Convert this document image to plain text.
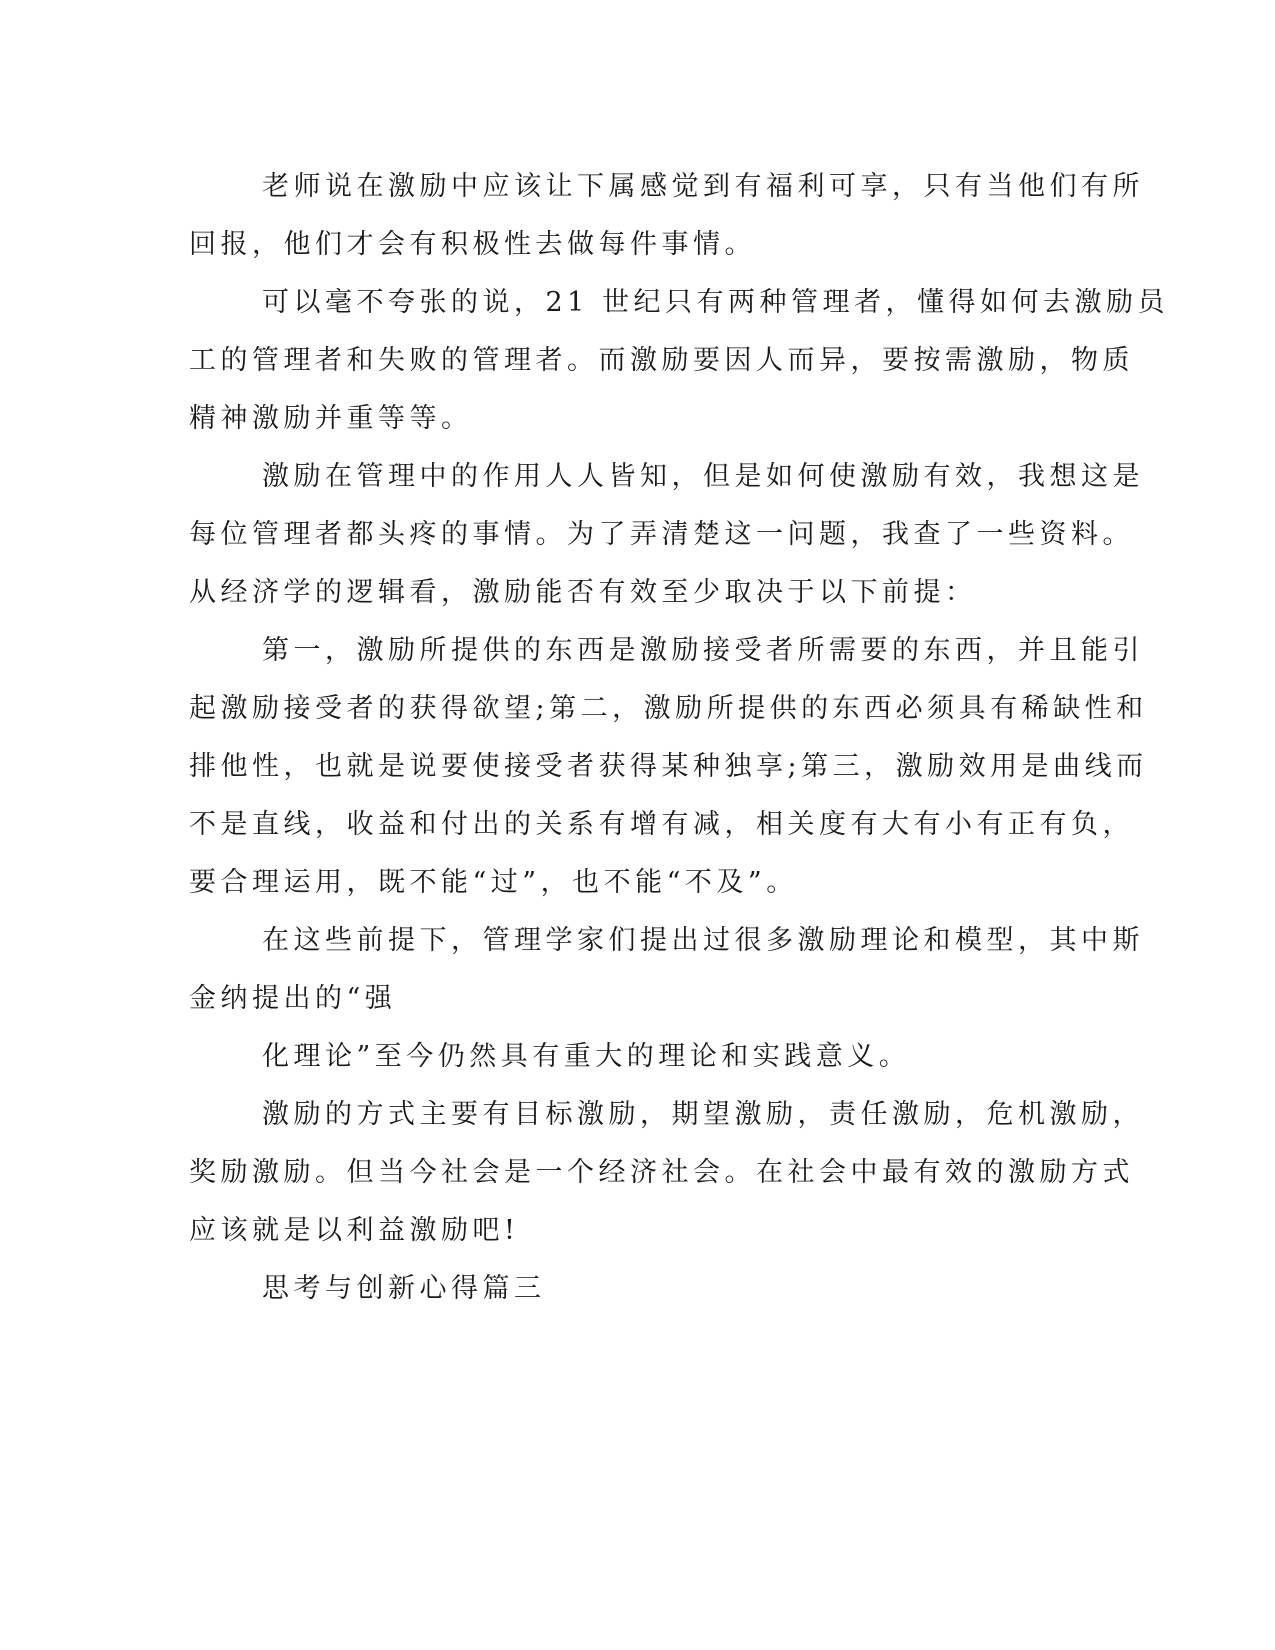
老师说在激励中应该让下属感觉到有福利可享，只有当他们有所
回报，他们才会有积极性去做每件事情。
可以毫不夸张的说，21 世纪只有两种管理者，懂得如何去激励员
工的管理者和失败的管理者。而激励要因人而异，要按需激励，物质
精神激励并重等等。
激励在管理中的作用人人皆知，但是如何使激励有效，我想这是
每位管理者都头疼的事情。为了弄清楚这一问题，我查了一些资料。
从经济学的逻辑看，激励能否有效至少取决于以下前提：
第一，激励所提供的东西是激励接受者所需要的东西，并且能引
起激励接受者的获得欲望;第二，激励所提供的东西必须具有稀缺性和
排他性，也就是说要使接受者获得某种独享;第三，激励效用是曲线而
不是直线，收益和付出的关系有增有减，相关度有大有小有正有负，
要合理运用，既不能“过”，也不能“不及”。
在这些前提下，管理学家们提出过很多激励理论和模型，其中斯
金纳提出的“强
化理论”至今仍然具有重大的理论和实践意义。
激励的方式主要有目标激励，期望激励，责任激励，危机激励，
奖励激励。但当今社会是一个经济社会。在社会中最有效的激励方式
应该就是以利益激励吧!
思考与创新心得篇三
